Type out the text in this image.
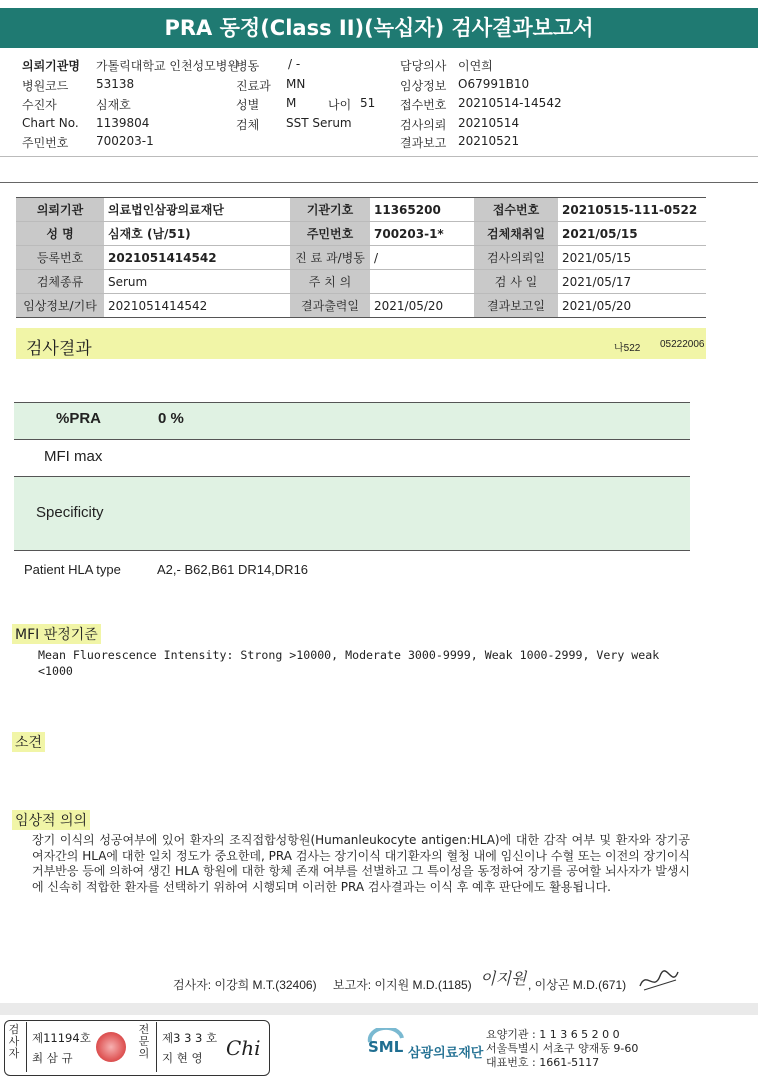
PRA 동정(Class II)(녹십자) 검사결과보고서
의뢰기관명 가톨릭대학교 인천성모병원
병동 / -	담당의사 이연희
병원코드 53138	진료과 MN	임상정보 O67991B10
수진자	심재호	성별 M	나이 51 접수번호 20210514-14542
Chart No. 1139804	검체 SST Serum	검사의뢰 20210514
주민번호 700203-1	결과보고 20210521
의뢰기관	의료법인삼광의료재단	기관기호	11365200	접수번호	20210515-111-0522
성 명	심재호 (남/51)	주민번호	700203-1*	검체채취일	2021/05/15
등록번호	2021051414542	진 료 과/병동	/	검사의뢰일	2021/05/15
검체종류	Serum	주 치 의		검 사 일	2021/05/17
임상정보/기타	2021051414542	결과출력일	2021/05/20	결과보고일	2021/05/20
검사결과	나522 05222006
%PRA	0 %
MFI max
Specificity
Patient HLA type	A2,- B62,B61 DR14,DR16
MFI 판정기준
Mean Fluorescence Intensity: Strong >10000, Moderate 3000-9999, Weak 1000-2999, Very weak
<1000
소견
임상적 의의
장기 이식의 성공여부에 있어 환자의 조직접합성항원(Humanleukocyte antigen:HLA)에 대한 감작 여부 및 환자와 장기공여자간의 HLA에 대한 일치 정도가 중요한데, PRA 검사는 장기이식 대기환자의 혈청 내에 임신이나 수혈 또는 이전의 장기이식 거부반응 등에 의하여 생긴 HLA 항원에 대한 항체 존재 여부를 선별하고 그 특이성을 동정하여 장기를 공여할 뇌사자가 발생시에 신속히 적합한 환자를 선택하기 위하여 시행되며 이러한 PRA 검사결과는 이식 후 예후 판단에도 활용됩니다.
검사자: 이강희 M.T.(32406) 보고자: 이지원 M.D.(1185) 이지원 , 이상곤 M.D.(671)
검
사
자
제11194호
최 삼 규
전
문
의
제3 3 3 호
지 현 영 Chi	SML 삼광의료재단
요양기관 : 1 1 3 6 5 2 0 0
서울특별시 서초구 양재동 9-60
대표번호 : 1661-5117
